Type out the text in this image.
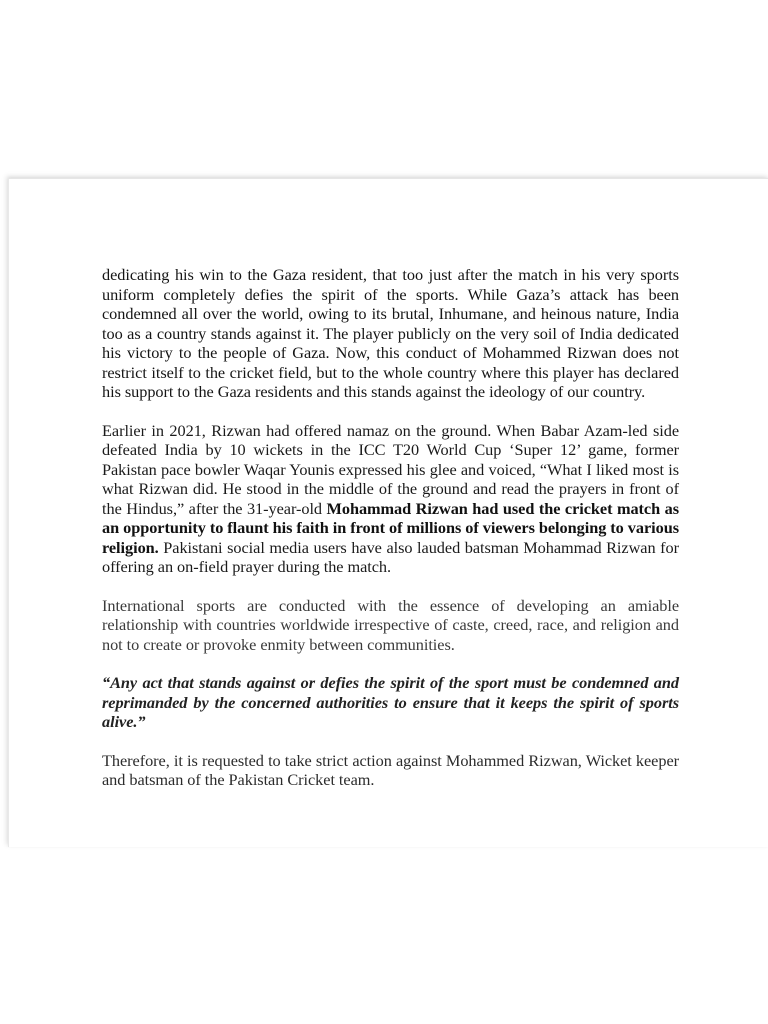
dedicating his win to the Gaza resident, that too just after the match in his very sports uniform completely defies the spirit of the sports. While Gaza’s attack has been condemned all over the world, owing to its brutal, Inhumane, and heinous nature, India too as a country stands against it. The player publicly on the very soil of India dedicated his victory to the people of Gaza. Now, this conduct of Mohammed Rizwan does not restrict itself to the cricket field, but to the whole country where this player has declared his support to the Gaza residents and this stands against the ideology of our country.

Earlier in 2021, Rizwan had offered namaz on the ground. When Babar Azam-led side defeated India by 10 wickets in the ICC T20 World Cup ‘Super 12’ game, former Pakistan pace bowler Waqar Younis expressed his glee and voiced, “What I liked most is what Rizwan did. He stood in the middle of the ground and read the prayers in front of the Hindus,” after the 31-year-old Mohammad Rizwan had used the cricket match as an opportunity to flaunt his faith in front of millions of viewers belonging to various religion. Pakistani social media users have also lauded batsman Mohammad Rizwan for offering an on-field prayer during the match.

International sports are conducted with the essence of developing an amiable relationship with countries worldwide irrespective of caste, creed, race, and religion and not to create or provoke enmity between communities.

“Any act that stands against or defies the spirit of the sport must be condemned and reprimanded by the concerned authorities to ensure that it keeps the spirit of sports alive.”

Therefore, it is requested to take strict action against Mohammed Rizwan, Wicket keeper and batsman of the Pakistan Cricket team.
